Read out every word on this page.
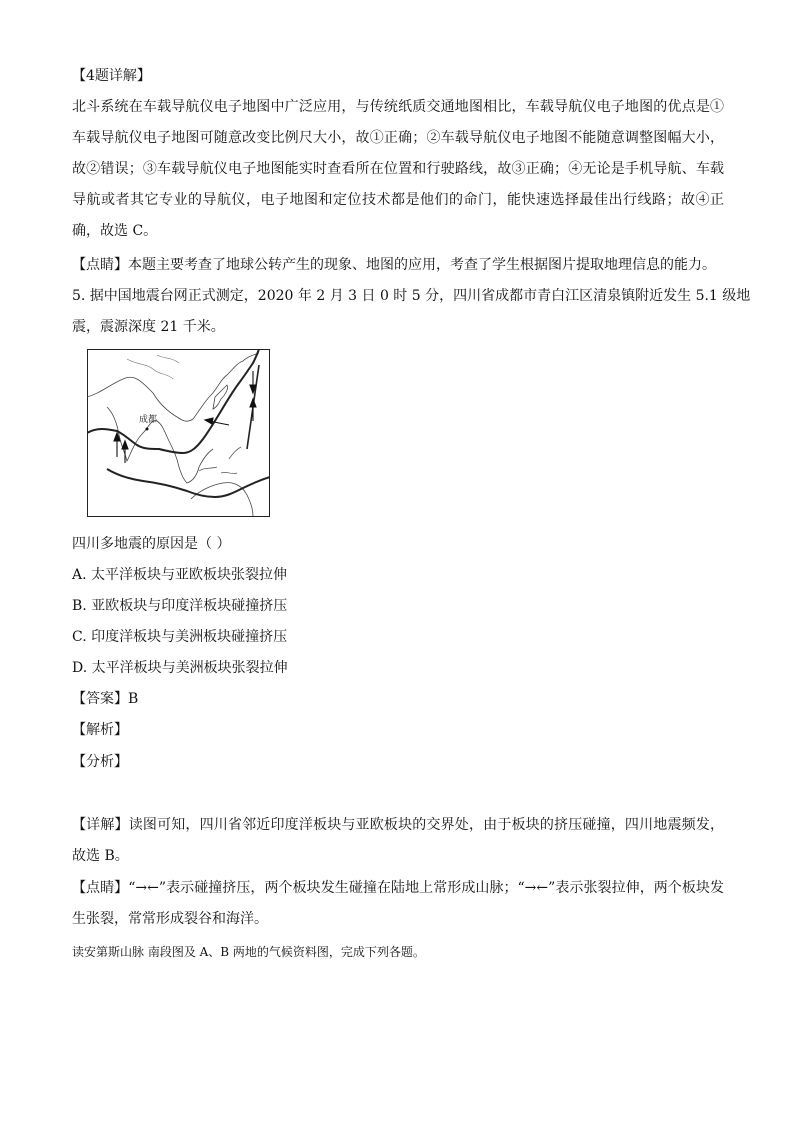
【4题详解】
北斗系统在车载导航仪电子地图中广泛应用，与传统纸质交通地图相比，车载导航仪电子地图的优点是①车载导航仪电子地图可随意改变比例尺大小，故①正确；②车载导航仪电子地图不能随意调整图幅大小，故②错误；③车载导航仪电子地图能实时查看所在位置和行驶路线，故③正确；④无论是手机导航、车载导航或者其它专业的导航仪，电子地图和定位技术都是他们的命门，能快速选择最佳出行线路；故④正确，故选 C。
【点睛】本题主要考查了地球公转产生的现象、地图的应用，考查了学生根据图片提取地理信息的能力。
5. 据中国地震台网正式测定，2020 年 2 月 3 日 0 时 5 分，四川省成都市青白江区清泉镇附近发生 5.1 级地
震，震源深度 21 千米。
成都
四川多地震的原因是（ ）
A. 太平洋板块与亚欧板块张裂拉伸
B. 亚欧板块与印度洋板块碰撞挤压
C. 印度洋板块与美洲板块碰撞挤压
D. 太平洋板块与美洲板块张裂拉伸
【答案】B
【解析】
【分析】
【详解】读图可知，四川省邻近印度洋板块与亚欧板块的交界处，由于板块的挤压碰撞，四川地震频发，故选 B。
【点睛】“→←”表示碰撞挤压，两个板块发生碰撞在陆地上常形成山脉；“→←”表示张裂拉伸，两个板块发生张裂，常常形成裂谷和海洋。
读安第斯山脉 南段图及 A、B 两地的气候资料图，完成下列各题。
